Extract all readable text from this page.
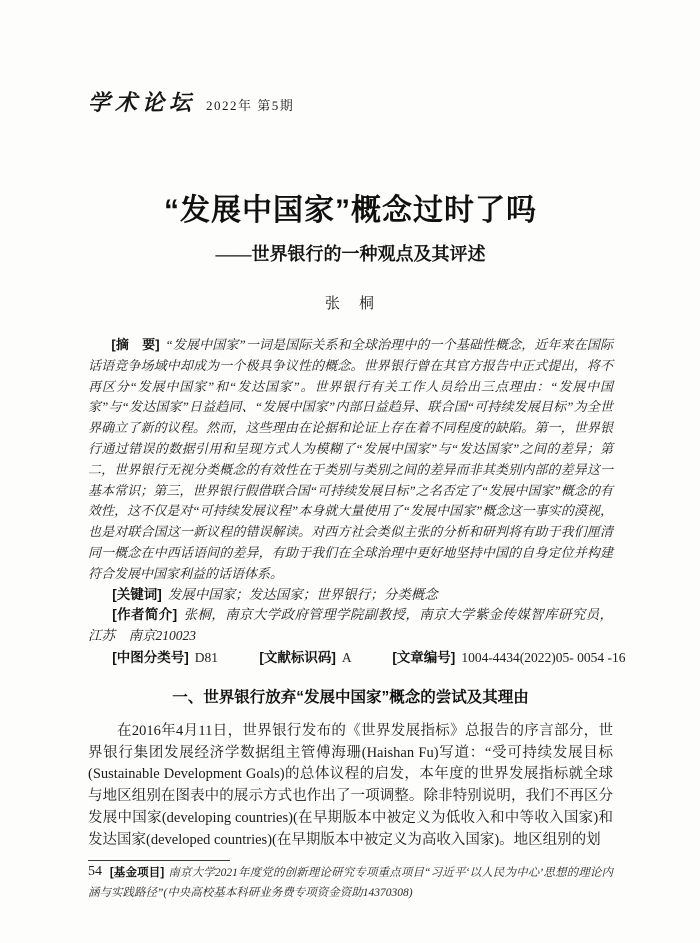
学术论坛 2022年 第5期
“发展中国家”概念过时了吗
——世界银行的一种观点及其评述
张　桐

[摘　要] “发展中国家”一词是国际关系和全球治理中的一个基础性概念，近年来在国际话语竞争场域中却成为一个极具争议性的概念。世界银行曾在其官方报告中正式提出，将不再区分“发展中国家”和“发达国家”。世界银行有关工作人员给出三点理由：“发展中国家”与“发达国家”日益趋同、“发展中国家”内部日益趋异、联合国“可持续发展目标”为全世界确立了新的议程。然而，这些理由在论据和论证上存在着不同程度的缺陷。第一，世界银行通过错误的数据引用和呈现方式人为模糊了“发展中国家”与“发达国家”之间的差异；第二，世界银行无视分类概念的有效性在于类别与类别之间的差异而非其类别内部的差异这一基本常识；第三，世界银行假借联合国“可持续发展目标”之名否定了“发展中国家”概念的有效性，这不仅是对“可持续发展议程”本身就大量使用了“发展中国家”概念这一事实的漠视，也是对联合国这一新议程的错误解读。对西方社会类似主张的分析和研判将有助于我们厘清同一概念在中西话语间的差异，有助于我们在全球治理中更好地坚持中国的自身定位并构建符合发展中国家利益的话语体系。

[关键词] 发展中国家；发达国家；世界银行；分类概念

[作者简介] 张桐，南京大学政府管理学院副教授，南京大学紫金传媒智库研究员，江苏　南京210023

[中图分类号] D81	[文献标识码] A	[文章编号] 1004-4434(2022)05- 0054 -16

一、世界银行放弃“发展中国家”概念的尝试及其理由

在2016年4月11日，世界银行发布的《世界发展指标》总报告的序言部分，世界银行集团发展经济学数据组主管傅海珊(Haishan Fu)写道：“受可持续发展目标(Sustainable Development Goals)的总体议程的启发，本年度的世界发展指标就全球与地区组别在图表中的展示方式也作出了一项调整。除非特别说明，我们不再区分发展中国家(developing countries)(在早期版本中被定义为低收入和中等收入国家)和发达国家(developed countries)(在早期版本中被定义为高收入国家)。地区组别的划

[基金项目] 南京大学2021年度党的创新理论研究专项重点项目“习近平‘以人民为中心’思想的理论内涵与实践路径”(中央高校基本科研业务费专项资金资助14370308)

54
